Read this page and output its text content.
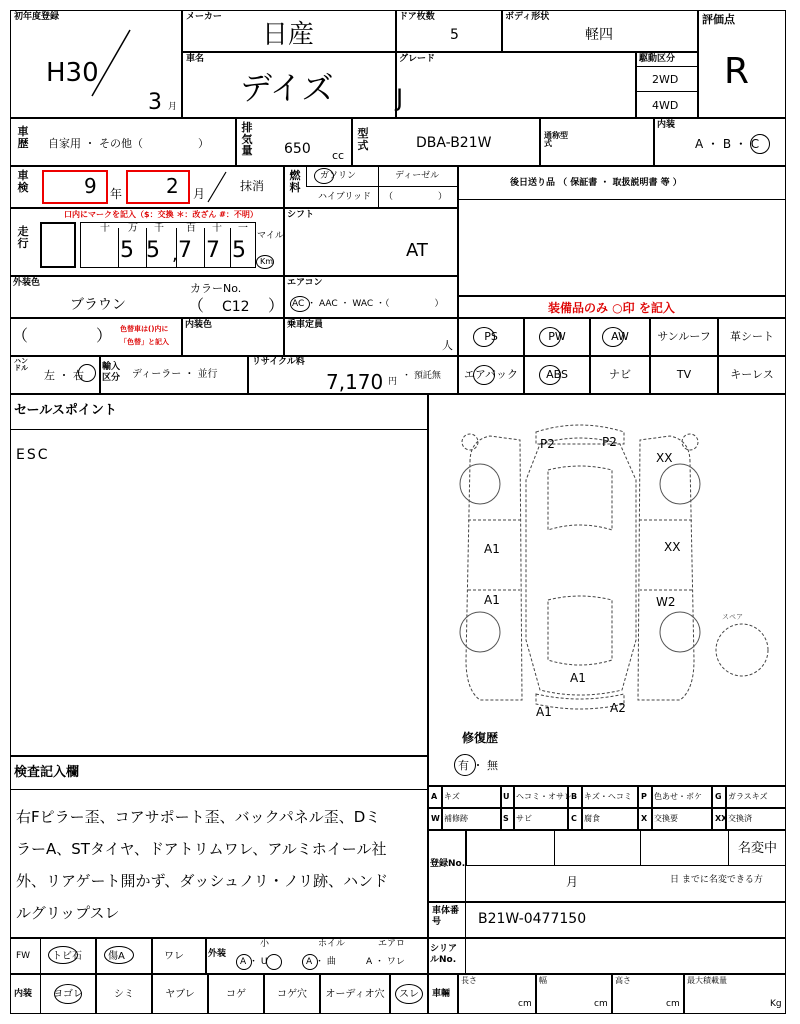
初年度登録
H30
3 月
メーカー
日産
ドア枚数
5
ボディ形状
軽四
評価点
R
車名
デイズ
グレード
J
駆動区分
2WD
4WD
車歴 自家用 ・ その他（　　　　　）
排気量 650 cc
型式	DBA-B21W	通称型式
内装
A ・ B ・ C
車検	9 年 2 月
抹消
燃料
ガソリン	ディーゼル
ハイブリッド （　　　　　）
後日送り品 （ 保証書 ・ 取扱説明書 等 ）
走行
口内にマークを記入（$：交換 ＊：改ざん #：不明）
十 万 千 百 十 一
5 5 7 7 5
,
マイル
Km
シフト
AT
外装色
ブラウン
カラーNo.
（ C12 ）
エアコン
AC ・ AAC ・ WAC ・（　　　　　）	装備品のみ ○印 を記入
（	） 色替車は()内に
「色替」と記入
内装色	乗車定員
人
PS	PW	AW	サンルーフ	革シート
ハンドル
左 ・ 右
輸入区分	ディーラー ・ 並行
リサイクル料
7,170 円
・ 預託無	エアバック	ABS	ナビ	TV	キーレス
セールスポイント
ESC
P2	P2
XX
A1
A1
XX
W2
A1
A1	A2
スペア
修復歴
有 ・ 無
検査記入欄
右Fピラー歪、コアサポート歪、バックパネル歪、Dミ
ラーA、STタイヤ、ドアトリムワレ、アルミホイール社
外、リアゲート開かず、ダッシュノリ・ノリ跡、ハンド
ルグリップスレ
A キズ	U ヘコミ・オサレ B キズ・ヘコミ P 色あせ・ボケ G ガラスキズ
W 補修跡	S サビ	C 腐食	X 交換要	XX 交換済
登録No.
名変中
月	日 までに名変できる方
車体番号	B21W-0477150
FW トビ石	傷A	ワレ	外装
小	ホイル	エアロ
A ・ U	A ・ 曲	A ・ ワレ
シリアルNo.
内装	ヨゴレ	シミ	ヤブレ	コゲ	コゲ穴	オーディオ穴	スレ	車輛
長さ
cm
幅
cm
高さ
cm
最大積載量
Kg
